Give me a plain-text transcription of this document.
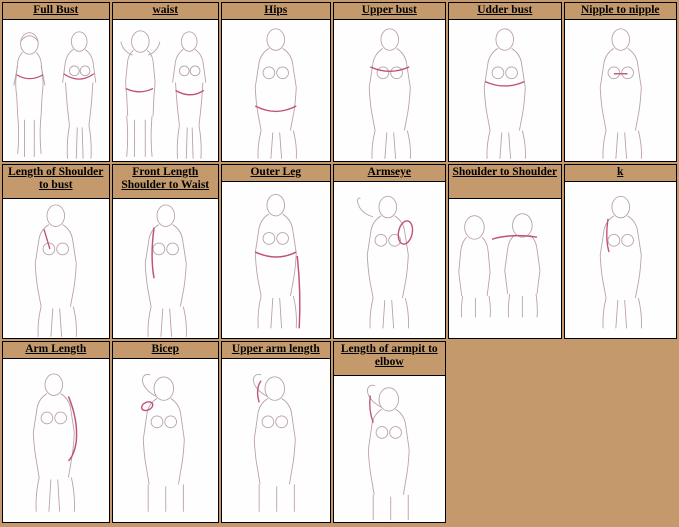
Full Bust	waist	Hips	Upper bust	Udder bust	Nipple to nipple
Length of Shoulder to bust
Front Length Shoulder to Waist
Outer Leg	Armseye	Shoulder to Shoulder	k
Arm Length	Bicep	Upper arm length	Length of armpit to elbow
